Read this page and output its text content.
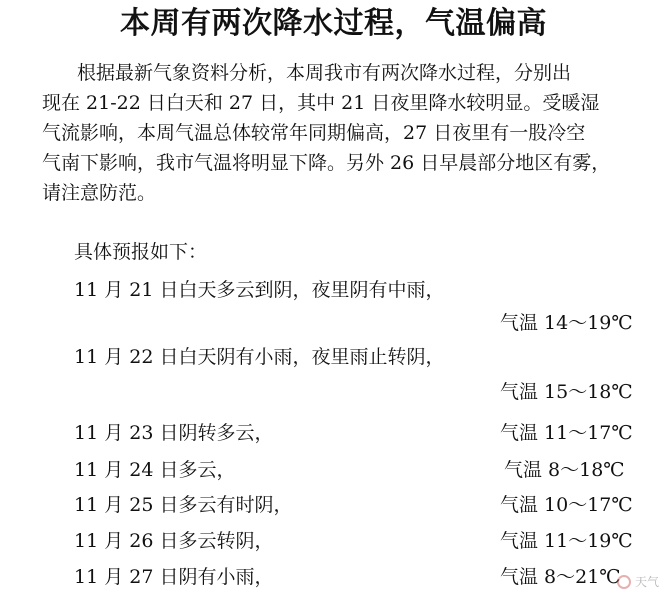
本周有两次降水过程，气温偏高
根据最新气象资料分析，本周我市有两次降水过程，分别出
现在 21-22 日白天和 27 日，其中 21 日夜里降水较明显。受暖湿
气流影响，本周气温总体较常年同期偏高，27 日夜里有一股冷空
气南下影响，我市气温将明显下降。另外 26 日早晨部分地区有雾，
请注意防范。
具体预报如下：
11 月 21 日白天多云到阴，夜里阴有中雨，
气温 14～19℃
11 月 22 日白天阴有小雨，夜里雨止转阴，
气温 15～18℃
11 月 23 日阴转多云，	气温 11～17℃
11 月 24 日多云，	气温 8～18℃
11 月 25 日多云有时阴，	气温 10～17℃
11 月 26 日多云转阴，	气温 11～19℃
11 月 27 日阴有小雨，	气温 8～21℃ 天气
